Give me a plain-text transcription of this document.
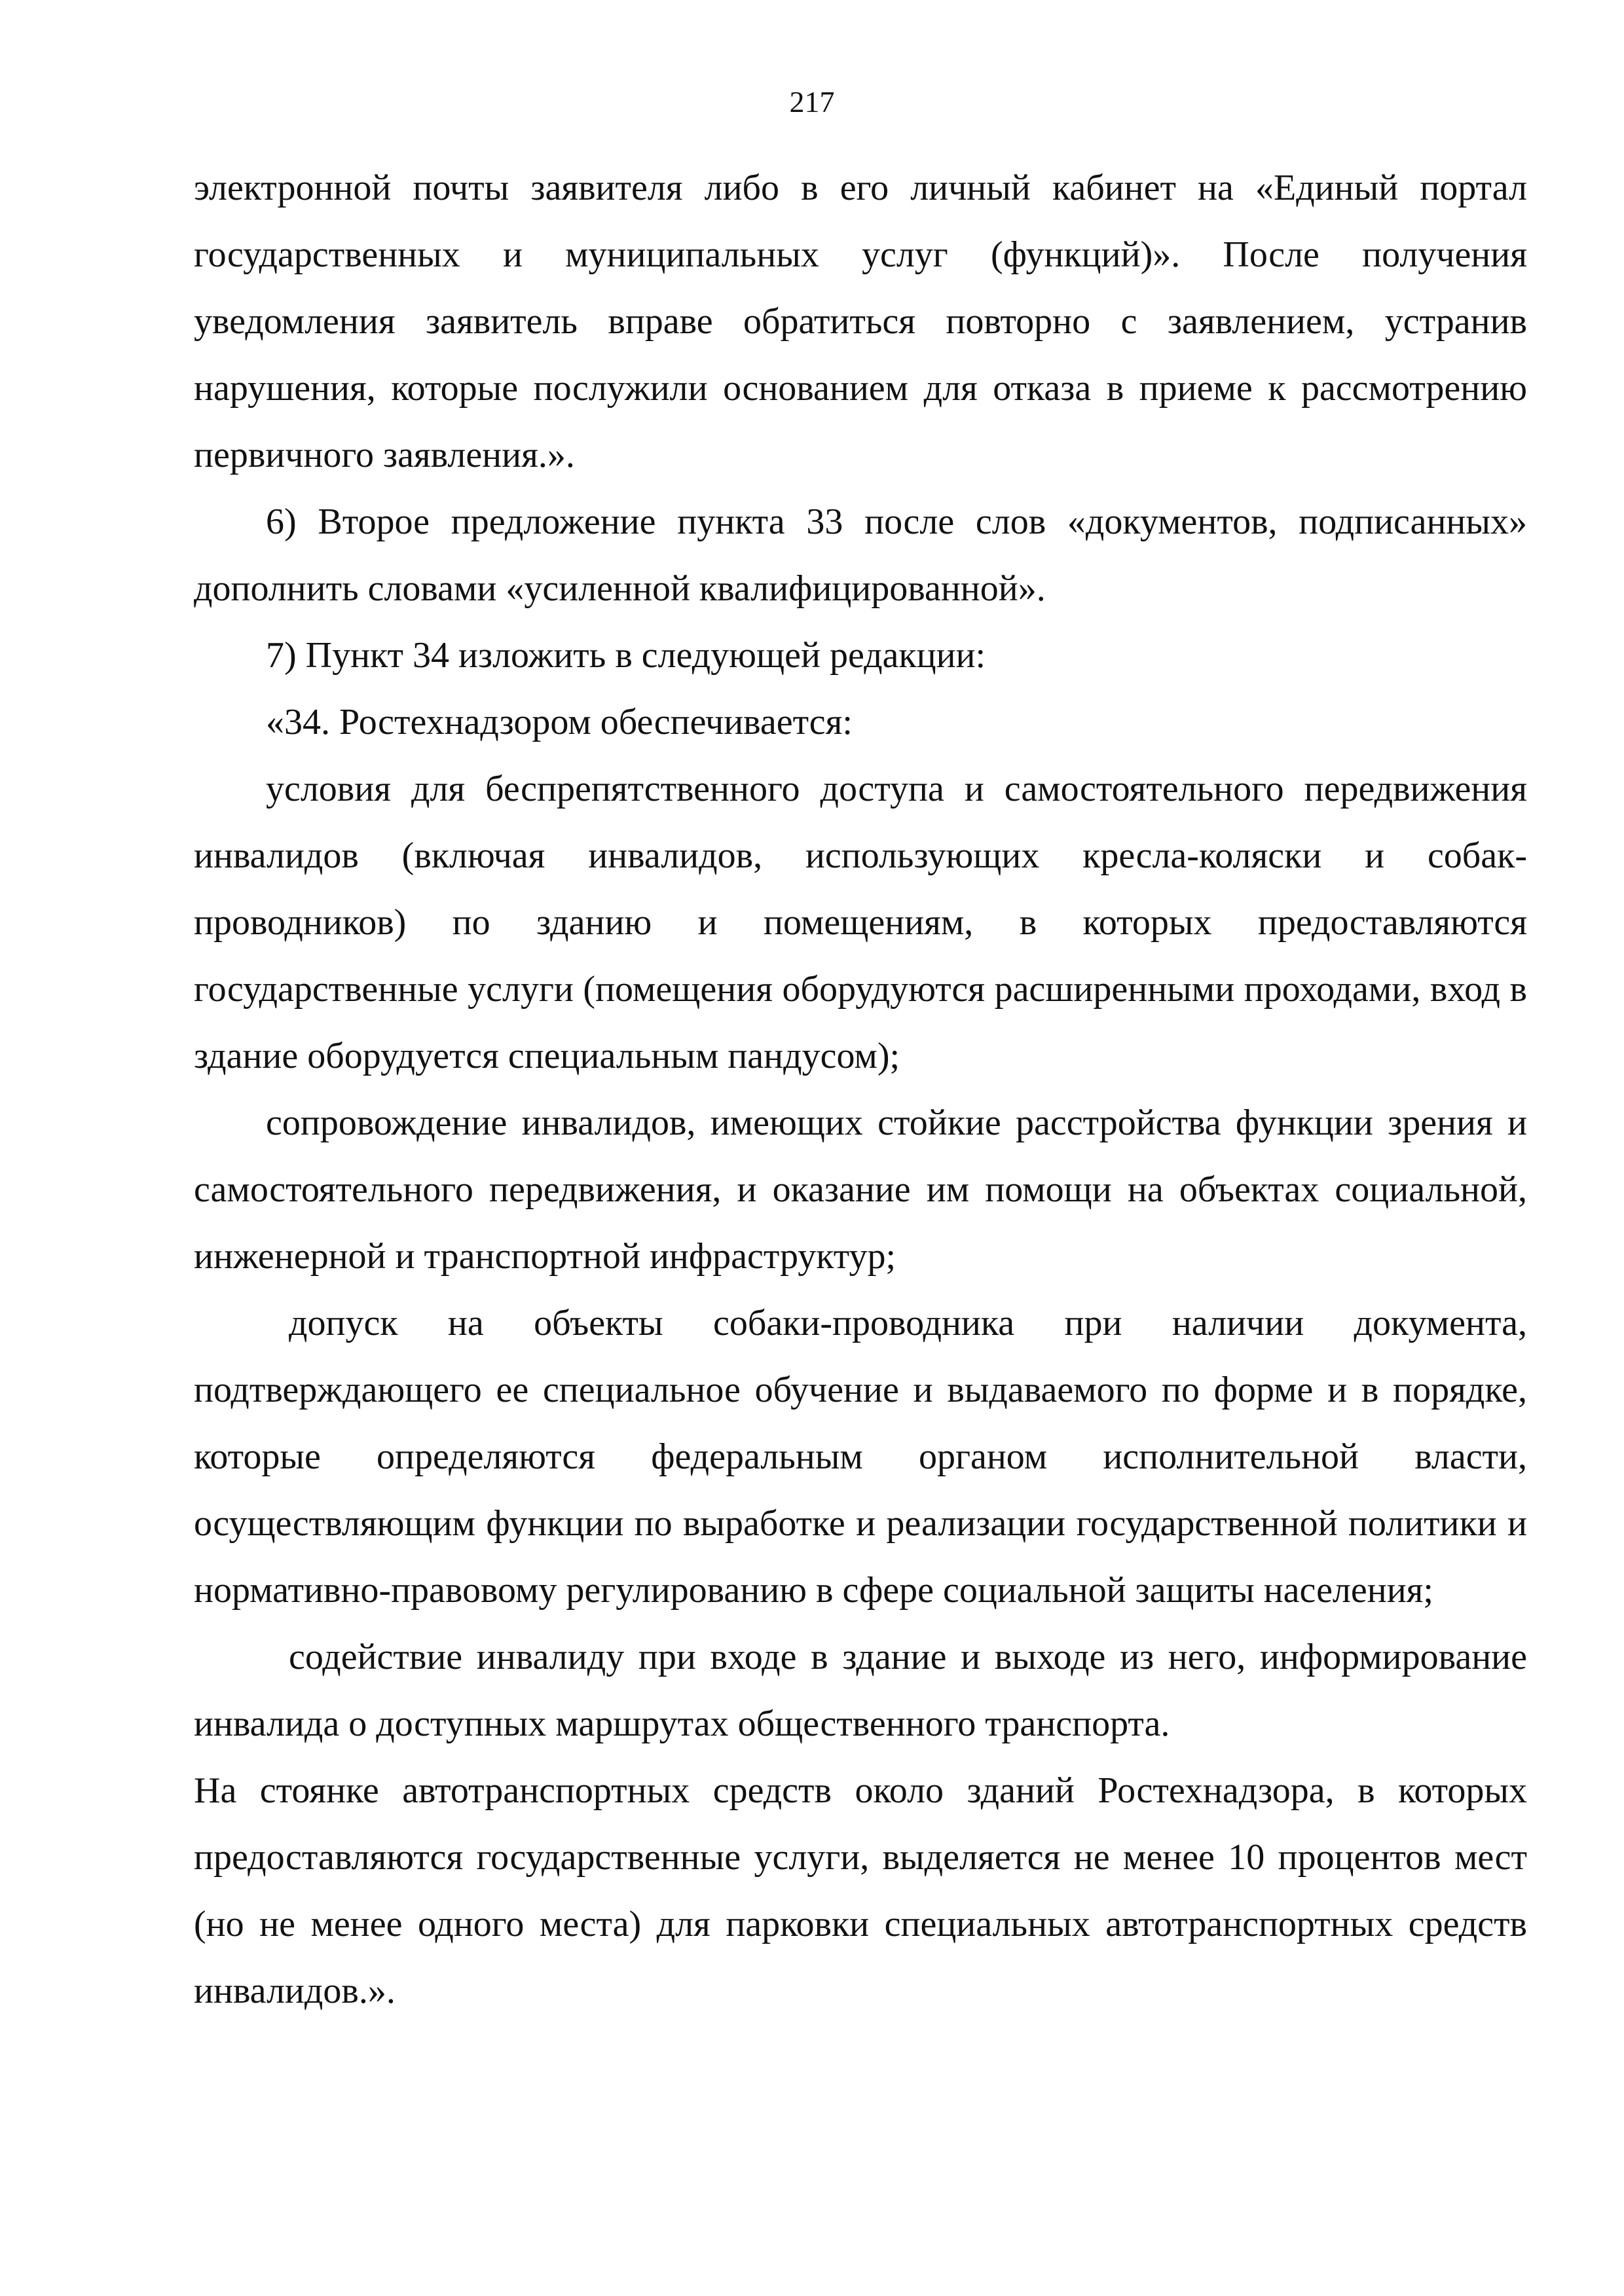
217

электронной почты заявителя либо в его личный кабинет на «Единый портал государственных и муниципальных услуг (функций)». После получения уведомления заявитель вправе обратиться повторно с заявлением, устранив нарушения, которые послужили основанием для отказа в приеме к рассмотрению первичного заявления.».

6) Второе предложение пункта 33 после слов «документов, подписанных» дополнить словами «усиленной квалифицированной».

7) Пункт 34 изложить в следующей редакции:

«34. Ростехнадзором обеспечивается:

условия для беспрепятственного доступа и самостоятельного передвижения инвалидов (включая инвалидов, использующих кресла-коляски и собак-проводников) по зданию и помещениям, в которых предоставляются государственные услуги (помещения оборудуются расширенными проходами, вход в здание оборудуется специальным пандусом);

сопровождение инвалидов, имеющих стойкие расстройства функции зрения и самостоятельного передвижения, и оказание им помощи на объектах социальной, инженерной и транспортной инфраструктур;

допуск на объекты собаки-проводника при наличии документа, подтверждающего ее специальное обучение и выдаваемого по форме и в порядке, которые определяются федеральным органом исполнительной власти, осуществляющим функции по выработке и реализации государственной политики и нормативно-правовому регулированию в сфере социальной защиты населения;

содействие инвалиду при входе в здание и выходе из него, информирование инвалида о доступных маршрутах общественного транспорта.

На стоянке автотранспортных средств около зданий Ростехнадзора, в которых предоставляются государственные услуги, выделяется не менее 10 процентов мест (но не менее одного места) для парковки специальных автотранспортных средств инвалидов.».
